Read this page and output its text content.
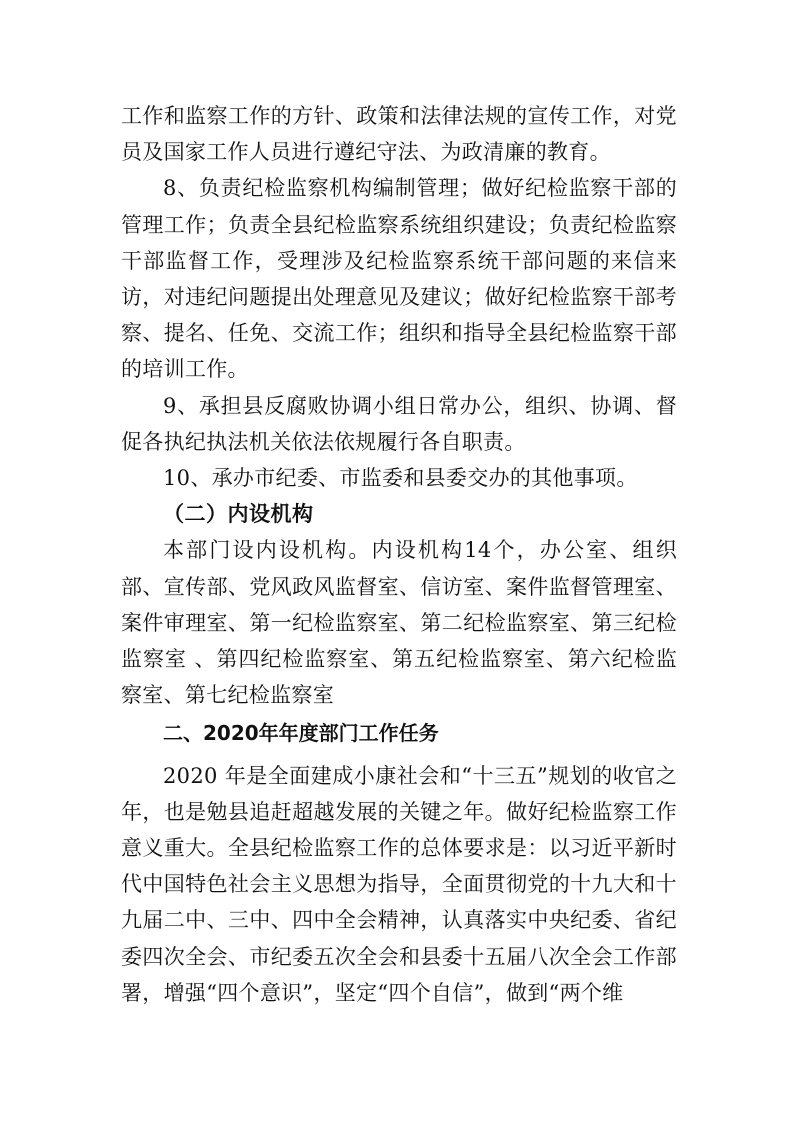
工作和监察工作的方针、政策和法律法规的宣传工作，对党员及国家工作人员进行遵纪守法、为政清廉的教育。

8、负责纪检监察机构编制管理；做好纪检监察干部的管理工作；负责全县纪检监察系统组织建设；负责纪检监察干部监督工作，受理涉及纪检监察系统干部问题的来信来访，对违纪问题提出处理意见及建议；做好纪检监察干部考察、提名、任免、交流工作；组织和指导全县纪检监察干部的培训工作。

9、承担县反腐败协调小组日常办公，组织、协调、督促各执纪执法机关依法依规履行各自职责。

10、承办市纪委、市监委和县委交办的其他事项。

（二）内设机构

本部门设内设机构。内设机构14个，办公室、组织部、宣传部、党风政风监督室、信访室、案件监督管理室、案件审理室、第一纪检监察室、第二纪检监察室、第三纪检监察室 、第四纪检监察室、第五纪检监察室、第六纪检监察室、第七纪检监察室

二、2020年年度部门工作任务

2020 年是全面建成小康社会和“十三五”规划的收官之年，也是勉县追赶超越发展的关键之年。做好纪检监察工作意义重大。全县纪检监察工作的总体要求是：以习近平新时代中国特色社会主义思想为指导，全面贯彻党的十九大和十九届二中、三中、四中全会精神，认真落实中央纪委、省纪委四次全会、市纪委五次全会和县委十五届八次全会工作部署，增强“四个意识”，坚定“四个自信”，做到“两个维
